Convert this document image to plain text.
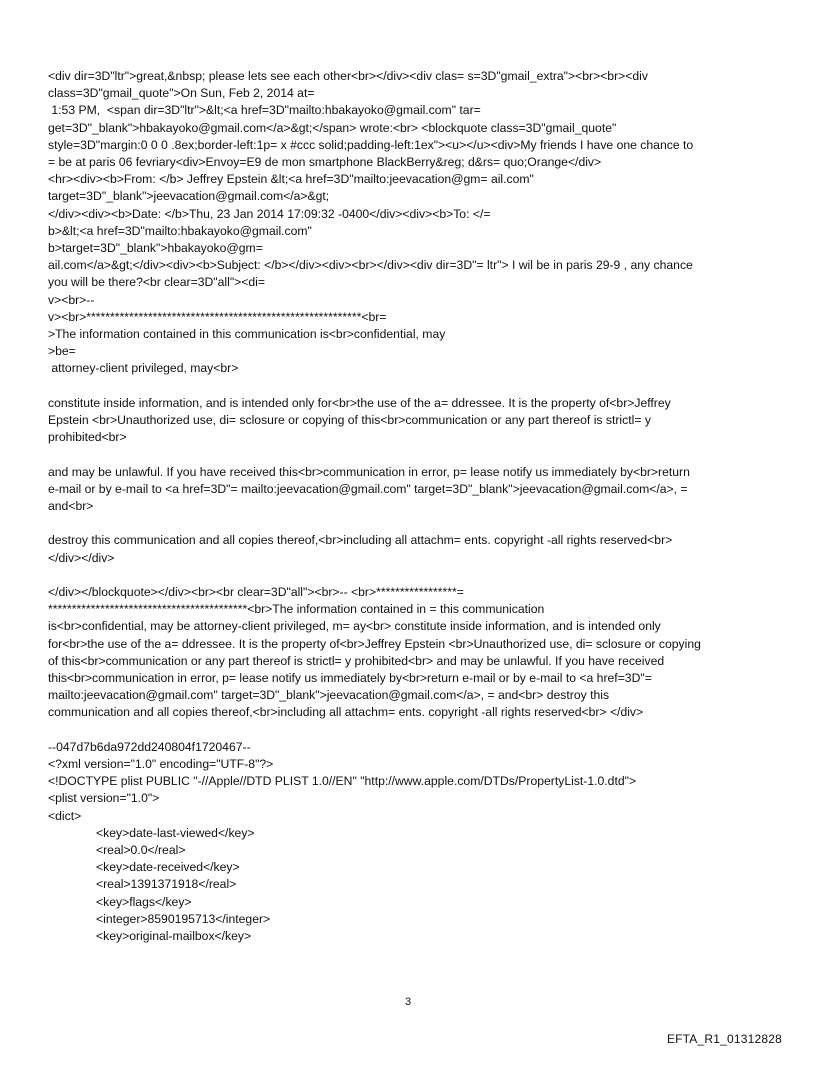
<div dir=3D"ltr">great,&nbsp; please lets see each other<br></div><div clas= s=3D"gmail_extra"><br><br><div
class=3D"gmail_quote">On Sun, Feb 2, 2014 at=
1:53 PM,  <span dir=3D"ltr">&lt;<a href=3D"mailto:hbakayoko@gmail.com" tar=
get=3D"_blank">hbakayoko@gmail.com</a>&gt;</span> wrote:<br> <blockquote class=3D"gmail_quote"
style=3D"margin:0 0 0 .8ex;border-left:1p= x #ccc solid;padding-left:1ex"><u></u><div>My friends I have one chance to
= be at paris 06 fevriary<div>Envoy=E9 de mon smartphone BlackBerry&reg; d&rs= quo;Orange</div>
<hr><div><b>From: </b> Jeffrey Epstein &lt;<a href=3D"mailto:jeevacation@gm= ail.com"
target=3D"_blank">jeevacation@gmail.com</a>&gt;
</div><div><b>Date: </b>Thu, 23 Jan 2014 17:09:32 -0400</div><div><b>To: </=
b>&lt;<a href=3D"mailto:hbakayoko@gmail.com"
b>target=3D"_blank">hbakayoko@gm=
ail.com</a>&gt;</div><div><b>Subject: </b></div><div><br></div><div dir=3D"= ltr"> I wil be in paris 29-9 , any chance
you will be there?<br clear=3D"all"><di=
v><br>--
v><br>**********************************************************<br=
>The information contained in this communication is<br>confidential, may
>be=
attorney-client privileged, may<br>
constitute inside information, and is intended only for<br>the use of the a= ddressee. It is the property of<br>Jeffrey
Epstein <br>Unauthorized use, di= sclosure or copying of this<br>communication or any part thereof is strictl= y
prohibited<br>
and may be unlawful. If you have received this<br>communication in error, p= lease notify us immediately by<br>return
e-mail or by e-mail to <a href=3D"= mailto:jeevacation@gmail.com" target=3D"_blank">jeevacation@gmail.com</a>, =
and<br>
destroy this communication and all copies thereof,<br>including all attachm= ents. copyright -all rights reserved<br>
</div></div>
</div></blockquote></div><br><br clear=3D"all"><br>-- <br>*****************=
******************************************<br>The information contained in = this communication
is<br>confidential, may be attorney-client privileged, m= ay<br> constitute inside information, and is intended only
for<br>the use of the a= ddressee. It is the property of<br>Jeffrey Epstein <br>Unauthorized use, di= sclosure or copying
of this<br>communication or any part thereof is strictl= y prohibited<br> and may be unlawful. If you have received
this<br>communication in error, p= lease notify us immediately by<br>return e-mail or by e-mail to <a href=3D"=
mailto:jeevacation@gmail.com" target=3D"_blank">jeevacation@gmail.com</a>, = and<br> destroy this
communication and all copies thereof,<br>including all attachm= ents. copyright -all rights reserved<br> </div>
--047d7b6da972dd240804f1720467--
<?xml version="1.0" encoding="UTF-8"?>
<!DOCTYPE plist PUBLIC "-//Apple//DTD PLIST 1.0//EN" "http://www.apple.com/DTDs/PropertyList-1.0.dtd">
<plist version="1.0">
<dict>
<key>date-last-viewed</key>
<real>0.0</real>
<key>date-received</key>
<real>1391371918</real>
<key>flags</key>
<integer>8590195713</integer>
<key>original-mailbox</key>
3
EFTA_R1_01312828
